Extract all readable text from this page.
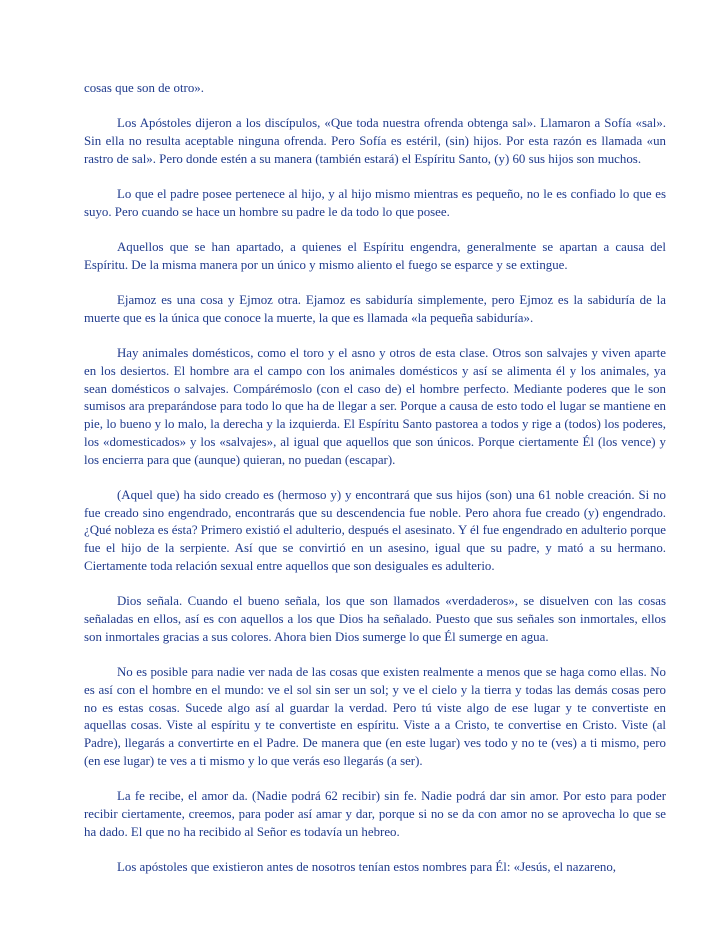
cosas que son de otro».

Los Apóstoles dijeron a los discípulos, «Que toda nuestra ofrenda obtenga sal». Llamaron a Sofía «sal». Sin ella no resulta aceptable ninguna ofrenda. Pero Sofía es estéril, (sin) hijos. Por esta razón es llamada «un rastro de sal». Pero donde estén a su manera (también estará) el Espíritu Santo, (y) 60 sus hijos son muchos.

Lo que el padre posee pertenece al hijo, y al hijo mismo mientras es pequeño, no le es confiado lo que es suyo. Pero cuando se hace un hombre su padre le da todo lo que posee.

Aquellos que se han apartado, a quienes el Espíritu engendra, generalmente se apartan a causa del Espíritu. De la misma manera por un único y mismo aliento el fuego se esparce y se extingue.

Ejamoz es una cosa y Ejmoz otra. Ejamoz es sabiduría simplemente, pero Ejmoz es la sabiduría de la muerte que es la única que conoce la muerte, la que es llamada «la pequeña sabiduría».

Hay animales domésticos, como el toro y el asno y otros de esta clase. Otros son salvajes y viven aparte en los desiertos. El hombre ara el campo con los animales domésticos y así se alimenta él y los animales, ya sean domésticos o salvajes. Compárémoslo (con el caso de) el hombre perfecto. Mediante poderes que le son sumisos ara preparándose para todo lo que ha de llegar a ser. Porque a causa de esto todo el lugar se mantiene en pie, lo bueno y lo malo, la derecha y la izquierda. El Espíritu Santo pastorea a todos y rige a (todos) los poderes, los «domesticados» y los «salvajes», al igual que aquellos que son únicos. Porque ciertamente Él (los vence) y los encierra para que (aunque) quieran, no puedan (escapar).

(Aquel que) ha sido creado es (hermoso y) y encontrará que sus hijos (son) una 61 noble creación. Si no fue creado sino engendrado, encontrarás que su descendencia fue noble. Pero ahora fue creado (y) engendrado. ¿Qué nobleza es ésta? Primero existió el adulterio, después el asesinato. Y él fue engendrado en adulterio porque fue el hijo de la serpiente. Así que se convirtió en un asesino, igual que su padre, y mató a su hermano. Ciertamente toda relación sexual entre aquellos que son desiguales es adulterio.

Dios señala. Cuando el bueno señala, los que son llamados «verdaderos», se disuelven con las cosas señaladas en ellos, así es con aquellos a los que Dios ha señalado. Puesto que sus señales son inmortales, ellos son inmortales gracias a sus colores. Ahora bien Dios sumerge lo que Él sumerge en agua.

No es posible para nadie ver nada de las cosas que existen realmente a menos que se haga como ellas. No es así con el hombre en el mundo: ve el sol sin ser un sol; y ve el cielo y la tierra y todas las demás cosas pero no es estas cosas. Sucede algo así al guardar la verdad. Pero tú viste algo de ese lugar y te convertiste en aquellas cosas. Viste al espíritu y te convertiste en espíritu. Viste a a Cristo, te convertise en Cristo. Viste (al Padre), llegarás a convertirte en el Padre. De manera que (en este lugar) ves todo y no te (ves) a ti mismo, pero (en ese lugar) te ves a ti mismo y lo que verás eso llegarás (a ser).

La fe recibe, el amor da. (Nadie podrá 62 recibir) sin fe. Nadie podrá dar sin amor. Por esto para poder recibir ciertamente, creemos, para poder así amar y dar, porque si no se da con amor no se aprovecha lo que se ha dado. El que no ha recibido al Señor es todavía un hebreo.

Los apóstoles que existieron antes de nosotros tenían estos nombres para Él: «Jesús, el nazareno,
